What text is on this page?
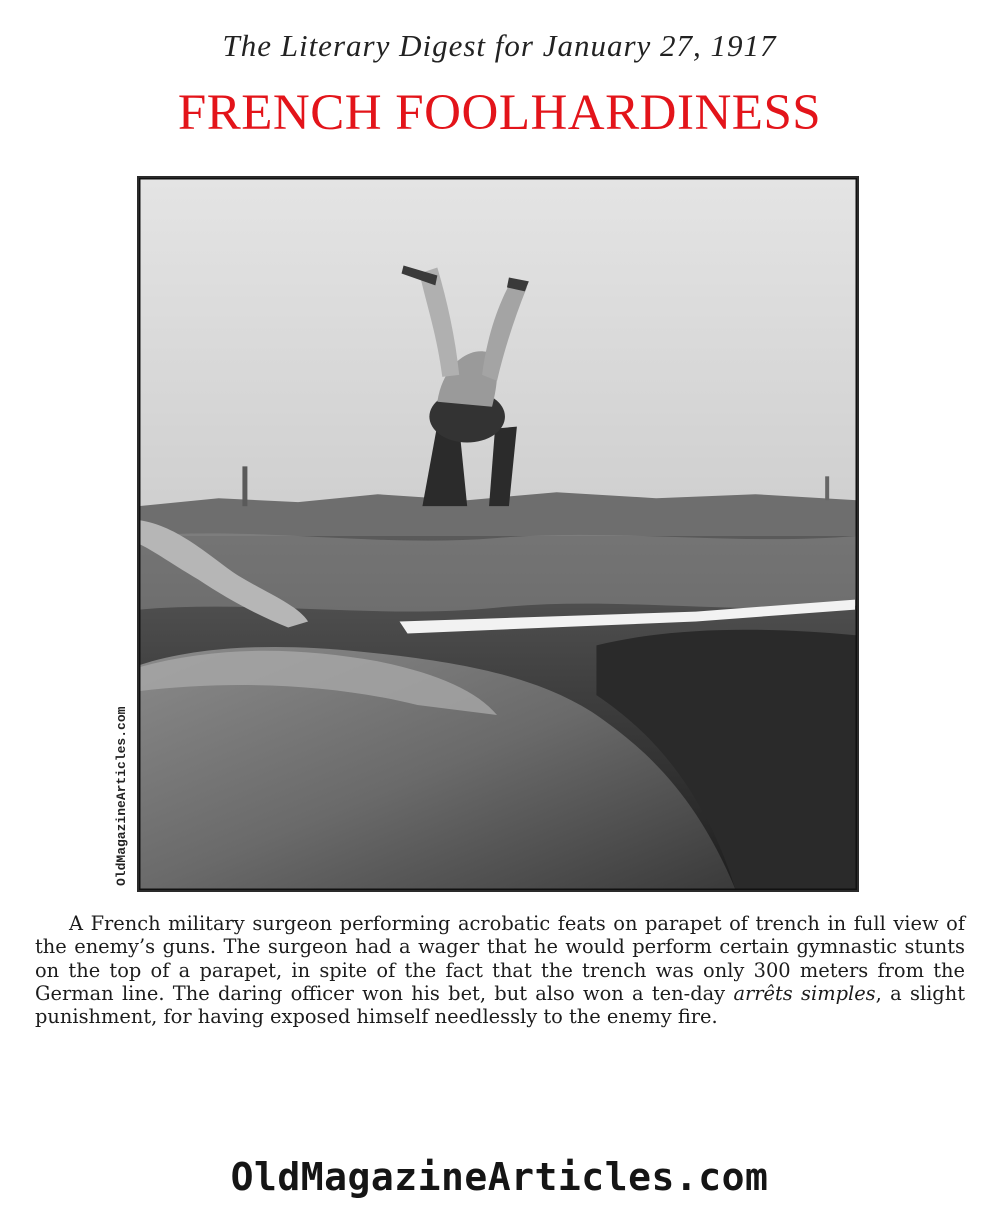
The Literary Digest for January 27, 1917
FRENCH FOOLHARDINESS
OldMagazineArticles.com

A French military surgeon performing acrobatic feats on parapet of trench in full view of the enemy’s guns. The surgeon had a wager that he would perform certain gymnastic stunts on the top of a parapet, in spite of the fact that the trench was only 300 meters from the German line. The daring officer won his bet, but also won a ten-day arrêts simples, a slight punishment, for having exposed himself needlessly to the enemy fire.

OldMagazineArticles.com
